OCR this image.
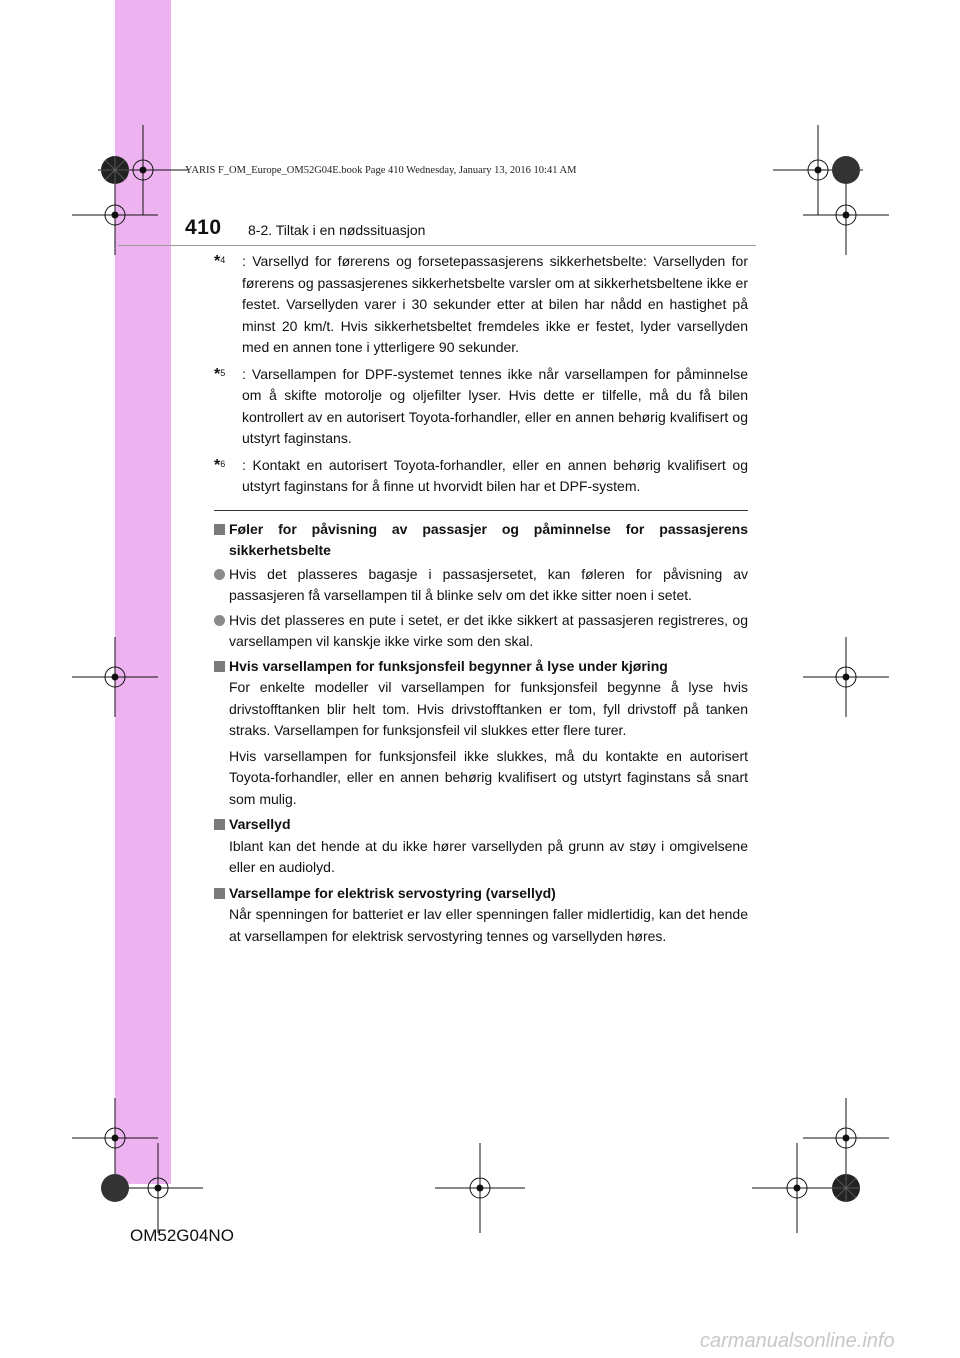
YARIS F_OM_Europe_OM52G04E.book Page 410 Wednesday, January 13, 2016 10:41 AM
410 8-2. Tiltak i en nødssituasjon
*$^4$	: Varsellyd for førerens og forsetepassasjerens sikkerhetsbelte: Varsellyden for førerens og passasjerenes sikkerhetsbelte varsler om at sikkerhetsbeltene ikke er festet. Varsellyden varer i 30 sekunder etter at bilen har nådd en hastighet på minst 20 km/t. Hvis sikkerhetsbeltet fremdeles ikke er festet, lyder varsellyden med en annen tone i ytterligere 90 sekunder.
*$^5$	: Varsellampen for DPF-systemet tennes ikke når varsellampen for påminnelse om å skifte motorolje og oljefilter lyser. Hvis dette er tilfelle, må du få bilen kontrollert av en autorisert Toyota-forhandler, eller en annen behørig kvalifisert og utstyrt faginstans.
*$^6$	: Kontakt en autorisert Toyota-forhandler, eller en annen behørig kvalifisert og utstyrt faginstans for å finne ut hvorvidt bilen har et DPF-system.
Føler for påvisning av passasjer og påminnelse for passasjerens sikkerhetsbelte
Hvis det plasseres bagasje i passasjersetet, kan føleren for påvisning av passasjeren få varsellampen til å blinke selv om det ikke sitter noen i setet.
Hvis det plasseres en pute i setet, er det ikke sikkert at passasjeren registreres, og varsellampen vil kanskje ikke virke som den skal.
Hvis varsellampen for funksjonsfeil begynner å lyse under kjøring
For enkelte modeller vil varsellampen for funksjonsfeil begynne å lyse hvis drivstofftanken blir helt tom. Hvis drivstofftanken er tom, fyll drivstoff på tanken straks. Varsellampen for funksjonsfeil vil slukkes etter flere turer.
Hvis varsellampen for funksjonsfeil ikke slukkes, må du kontakte en autorisert Toyota-forhandler, eller en annen behørig kvalifisert og utstyrt faginstans så snart som mulig.
Varsellyd
Iblant kan det hende at du ikke hører varsellyden på grunn av støy i omgivelsene eller en audiolyd.
Varsellampe for elektrisk servostyring (varsellyd)
Når spenningen for batteriet er lav eller spenningen faller midlertidig, kan det hende at varsellampen for elektrisk servostyring tennes og varsellyden høres.
OM52G04NO
carmanualsonline.info
